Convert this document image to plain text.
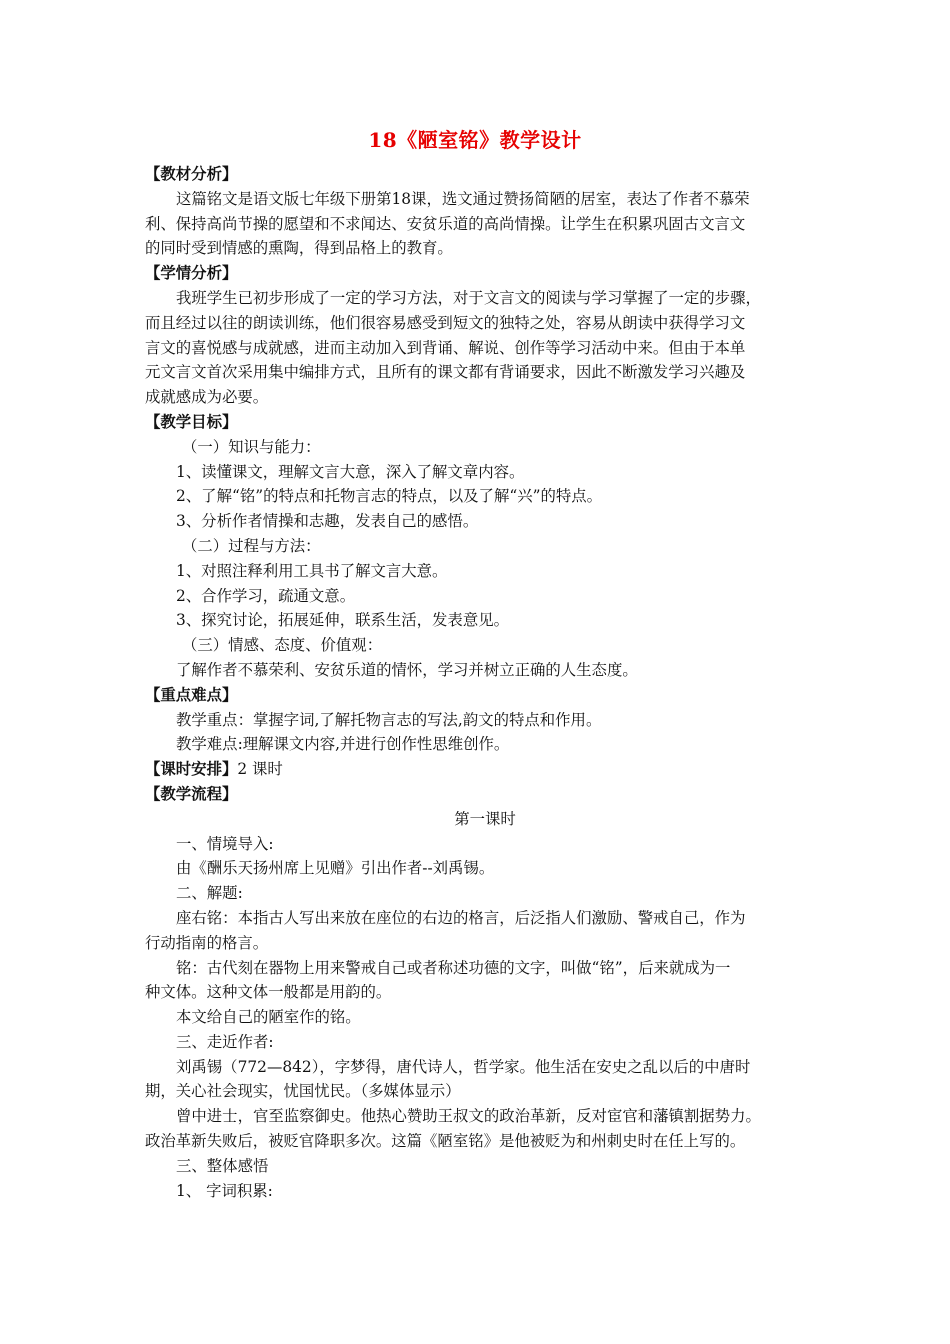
18《陋室铭》教学设计
【教材分析】
这篇铭文是语文版七年级下册第18课，选文通过赞扬简陋的居室，表达了作者不慕荣
利、保持高尚节操的愿望和不求闻达、安贫乐道的高尚情操。让学生在积累巩固古文言文
的同时受到情感的熏陶，得到品格上的教育。
【学情分析】
我班学生已初步形成了一定的学习方法，对于文言文的阅读与学习掌握了一定的步骤，
而且经过以往的朗读训练，他们很容易感受到短文的独特之处，容易从朗读中获得学习文
言文的喜悦感与成就感，进而主动加入到背诵、解说、创作等学习活动中来。但由于本单
元文言文首次采用集中编排方式，且所有的课文都有背诵要求，因此不断激发学习兴趣及
成就感成为必要。
【教学目标】
（一）知识与能力：
1、读懂课文，理解文言大意，深入了解文章内容。
2、了解“铭”的特点和托物言志的特点，以及了解“兴”的特点。
3、分析作者情操和志趣，发表自己的感悟。
（二）过程与方法：
1、对照注释利用工具书了解文言大意。
2、合作学习，疏通文意。
3、探究讨论，拓展延伸，联系生活，发表意见。
（三）情感、态度、价值观：
了解作者不慕荣利、安贫乐道的情怀，学习并树立正确的人生态度。
【重点难点】
教学重点：掌握字词,了解托物言志的写法,韵文的特点和作用。
教学难点:理解课文内容,并进行创作性思维创作。
【课时安排】2 课时
【教学流程】
第一课时
一、情境导入:
由《酬乐天扬州席上见赠》引出作者--刘禹锡。
二、解题:
座右铭：本指古人写出来放在座位的右边的格言，后泛指人们激励、警戒自己，作为
行动指南的格言。
铭：古代刻在器物上用来警戒自己或者称述功德的文字，叫做“铭”，后来就成为一
种文体。这种文体一般都是用韵的。
本文给自己的陋室作的铭。
三、走近作者:
刘禹锡（772—842），字梦得，唐代诗人，哲学家。他生活在安史之乱以后的中唐时
期，关心社会现实，忧国忧民。（多媒体显示）
曾中进士，官至监察御史。他热心赞助王叔文的政治革新，反对宦官和藩镇割据势力。
政治革新失败后，被贬官降职多次。这篇《陋室铭》是他被贬为和州刺史时在任上写的。
三、整体感悟
1、 字词积累:
